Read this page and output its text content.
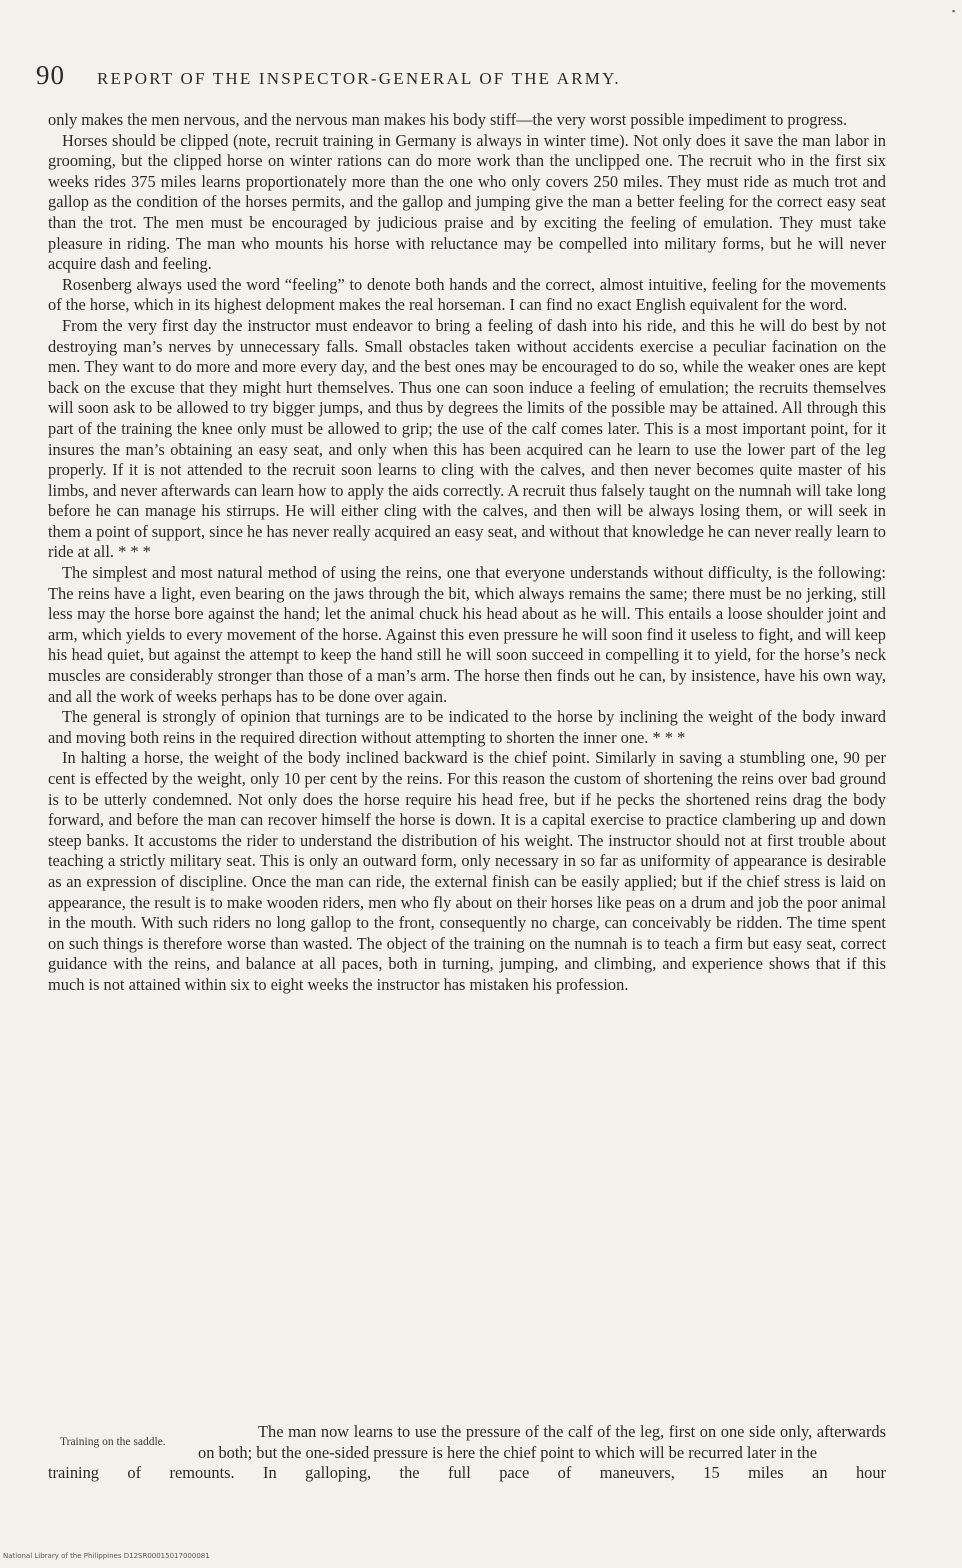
90 REPORT OF THE INSPECTOR-GENERAL OF THE ARMY.

only makes the men nervous, and the nervous man makes his body stiff—the very worst possible impediment to progress.

Horses should be clipped (note, recruit training in Germany is always in winter time). Not only does it save the man labor in grooming, but the clipped horse on winter rations can do more work than the unclipped one. The recruit who in the first six weeks rides 375 miles learns proportionately more than the one who only covers 250 miles. They must ride as much trot and gallop as the condition of the horses permits, and the gallop and jumping give the man a better feeling for the correct easy seat than the trot. The men must be encouraged by judicious praise and by exciting the feeling of emulation. They must take pleasure in riding. The man who mounts his horse with reluctance may be compelled into military forms, but he will never acquire dash and feeling.

Rosenberg always used the word “feeling” to denote both hands and the correct, almost intuitive, feeling for the movements of the horse, which in its highest delopment makes the real horseman. I can find no exact English equivalent for the word.

From the very first day the instructor must endeavor to bring a feeling of dash into his ride, and this he will do best by not destroying man’s nerves by unnecessary falls. Small obstacles taken without accidents exercise a peculiar facination on the men. They want to do more and more every day, and the best ones may be encouraged to do so, while the weaker ones are kept back on the excuse that they might hurt themselves. Thus one can soon induce a feeling of emulation; the recruits themselves will soon ask to be allowed to try bigger jumps, and thus by degrees the limits of the possible may be attained. All through this part of the training the knee only must be allowed to grip; the use of the calf comes later. This is a most important point, for it insures the man’s obtaining an easy seat, and only when this has been acquired can he learn to use the lower part of the leg properly. If it is not attended to the recruit soon learns to cling with the calves, and then never becomes quite master of his limbs, and never afterwards can learn how to apply the aids correctly. A recruit thus falsely taught on the numnah will take long before he can manage his stirrups. He will either cling with the calves, and then will be always losing them, or will seek in them a point of support, since he has never really acquired an easy seat, and without that knowledge he can never really learn to ride at all. * * *

The simplest and most natural method of using the reins, one that everyone understands without difficulty, is the following: The reins have a light, even bearing on the jaws through the bit, which always remains the same; there must be no jerking, still less may the horse bore against the hand; let the animal chuck his head about as he will. This entails a loose shoulder joint and arm, which yields to every movement of the horse. Against this even pressure he will soon find it useless to fight, and will keep his head quiet, but against the attempt to keep the hand still he will soon succeed in compelling it to yield, for the horse’s neck muscles are considerably stronger than those of a man’s arm. The horse then finds out he can, by insistence, have his own way, and all the work of weeks perhaps has to be done over again.

The general is strongly of opinion that turnings are to be indicated to the horse by inclining the weight of the body inward and moving both reins in the required direction without attempting to shorten the inner one. * * *

In halting a horse, the weight of the body inclined backward is the chief point. Similarly in saving a stumbling one, 90 per cent is effected by the weight, only 10 per cent by the reins. For this reason the custom of shortening the reins over bad ground is to be utterly condemned. Not only does the horse require his head free, but if he pecks the shortened reins drag the body forward, and before the man can recover himself the horse is down. It is a capital exercise to practice clambering up and down steep banks. It accustoms the rider to understand the distribution of his weight. The instructor should not at first trouble about teaching a strictly military seat. This is only an outward form, only necessary in so far as uniformity of appearance is desirable as an expression of discipline. Once the man can ride, the external finish can be easily applied; but if the chief stress is laid on appearance, the result is to make wooden riders, men who fly about on their horses like peas on a drum and job the poor animal in the mouth. With such riders no long gallop to the front, consequently no charge, can conceivably be ridden. The time spent on such things is therefore worse than wasted. The object of the training on the numnah is to teach a firm but easy seat, correct guidance with the reins, and balance at all paces, both in turning, jumping, and climbing, and experience shows that if this much is not attained within six to eight weeks the instructor has mistaken his profession.

Training on the saddle.
The man now learns to use the pressure of the calf of the leg, first on one side only, afterwards on both; but the one-sided pressure is here the chief point to which will be recurred later in the
training of remounts. In galloping, the full pace of maneuvers, 15 miles an hour
▪
National Library of the Philippines D12SR00015017000081
